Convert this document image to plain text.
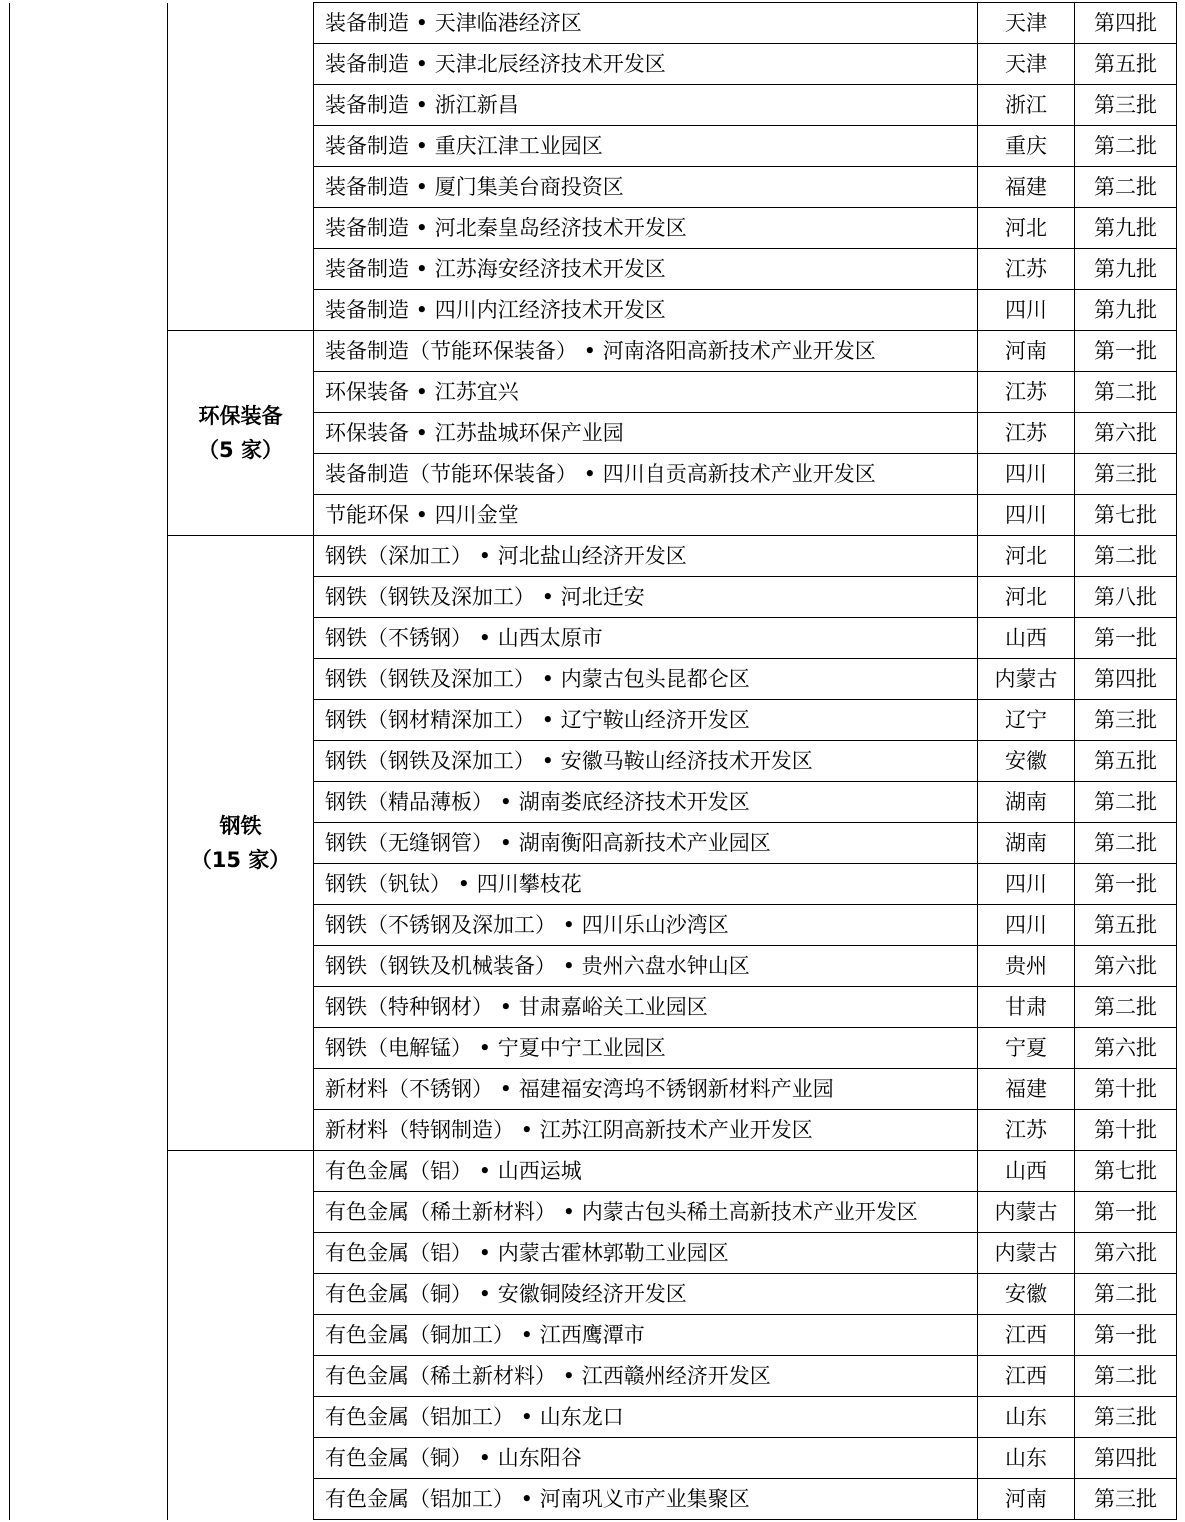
		装备制造 • 天津临港经济区	天津	第四批
		装备制造 • 天津北辰经济技术开发区	天津	第五批
		装备制造 • 浙江新昌	浙江	第三批
		装备制造 • 重庆江津工业园区	重庆	第二批
		装备制造 • 厦门集美台商投资区	福建	第二批
		装备制造 • 河北秦皇岛经济技术开发区	河北	第九批
		装备制造 • 江苏海安经济技术开发区	江苏	第九批
		装备制造 • 四川内江经济技术开发区	四川	第九批

	环保装备
（5 家）	装备制造（节能环保装备） • 河南洛阳高新技术产业开发区	河南	第一批
		环保装备 • 江苏宜兴	江苏	第二批
		环保装备 • 江苏盐城环保产业园	江苏	第六批
		装备制造（节能环保装备） • 四川自贡高新技术产业开发区	四川	第三批
		节能环保 • 四川金堂	四川	第七批

	钢铁
（15 家）	钢铁（深加工） • 河北盐山经济开发区	河北	第二批
		钢铁（钢铁及深加工） • 河北迁安	河北	第八批
		钢铁（不锈钢） • 山西太原市	山西	第一批
		钢铁（钢铁及深加工） • 内蒙古包头昆都仑区	内蒙古	第四批
		钢铁（钢材精深加工） • 辽宁鞍山经济开发区	辽宁	第三批
		钢铁（钢铁及深加工） • 安徽马鞍山经济技术开发区	安徽	第五批
		钢铁（精品薄板） • 湖南娄底经济技术开发区	湖南	第二批
		钢铁（无缝钢管） • 湖南衡阳高新技术产业园区	湖南	第二批
		钢铁（钒钛） • 四川攀枝花	四川	第一批
		钢铁（不锈钢及深加工） • 四川乐山沙湾区	四川	第五批
		钢铁（钢铁及机械装备） • 贵州六盘水钟山区	贵州	第六批
		钢铁（特种钢材） • 甘肃嘉峪关工业园区	甘肃	第二批
		钢铁（电解锰） • 宁夏中宁工业园区	宁夏	第六批
		新材料（不锈钢） • 福建福安湾坞不锈钢新材料产业园	福建	第十批
		新材料（特钢制造） • 江苏江阴高新技术产业开发区	江苏	第十批
		有色金属（铝） • 山西运城	山西	第七批
		有色金属（稀土新材料） • 内蒙古包头稀土高新技术产业开发区	内蒙古	第一批
		有色金属（铝） • 内蒙古霍林郭勒工业园区	内蒙古	第六批
		有色金属（铜） • 安徽铜陵经济开发区	安徽	第二批
		有色金属（铜加工） • 江西鹰潭市	江西	第一批
		有色金属（稀土新材料） • 江西赣州经济开发区	江西	第二批
		有色金属（铝加工） • 山东龙口	山东	第三批
		有色金属（铜） • 山东阳谷	山东	第四批
		有色金属（铝加工） • 河南巩义市产业集聚区	河南	第三批
